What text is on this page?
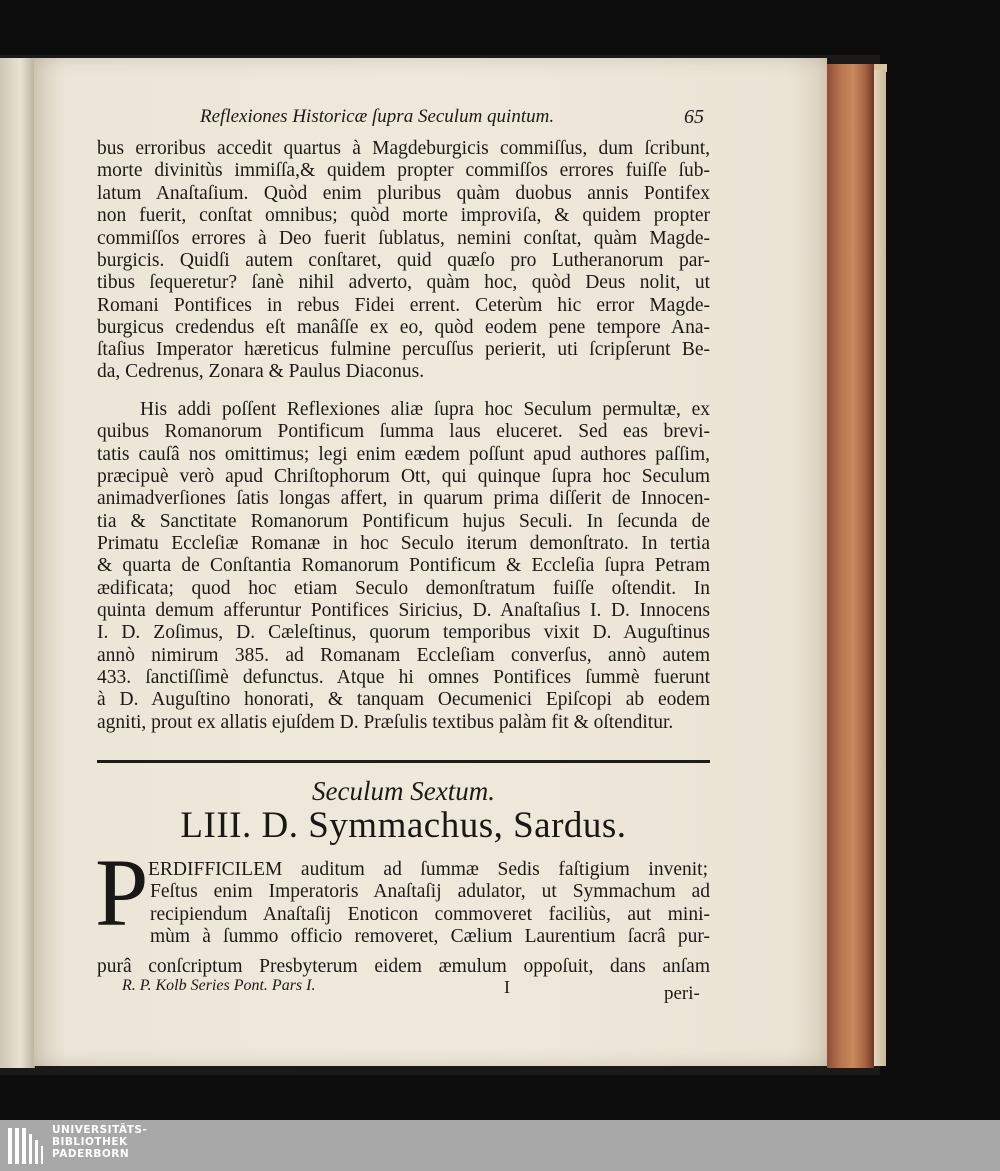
Reflexiones Historicæ ſupra Seculum quintum.	65
bus erroribus accedit quartus à Magdeburgicis commiſſus, dum ſcribunt,
morte divinitùs immiſſa,& quidem propter commiſſos errores fuiſſe ſub-
latum Anaſtaſium. Quòd enim pluribus quàm duobus annis Pontifex
non fuerit, conſtat omnibus; quòd morte improviſa, & quidem propter
commiſſos errores à Deo fuerit ſublatus, nemini conſtat, quàm Magde-
burgicis. Quidſi autem conſtaret, quid quæſo pro Lutheranorum par-
tibus ſequeretur? ſanè nihil adverto, quàm hoc, quòd Deus nolit, ut
Romani Pontifices in rebus Fidei errent. Ceterùm hic error Magde-
burgicus credendus eſt manâſſe ex eo, quòd eodem pene tempore Ana-
ſtaſius Imperator hæreticus fulmine percuſſus perierit, uti ſcripſerunt Be-
da, Cedrenus, Zonara & Paulus Diaconus.
His addi poſſent Reflexiones aliæ ſupra hoc Seculum permultæ, ex
quibus Romanorum Pontificum ſumma laus eluceret. Sed eas brevi-
tatis cauſâ nos omittimus; legi enim eædem poſſunt apud authores paſſim,
præcipuè verò apud Chriſtophorum Ott, qui quinque ſupra hoc Seculum
animadverſiones ſatis longas affert, in quarum prima diſſerit de Innocen-
tia & Sanctitate Romanorum Pontificum hujus Seculi. In ſecunda de
Primatu Eccleſiæ Romanæ in hoc Seculo iterum demonſtrato. In tertia
& quarta de Conſtantia Romanorum Pontificum & Eccleſia ſupra Petram
ædificata; quod hoc etiam Seculo demonſtratum fuiſſe oſtendit. In
quinta demum afferuntur Pontifices Siricius, D. Anaſtaſius I. D. Innocens
I. D. Zoſimus, D. Cæleſtinus, quorum temporibus vixit D. Auguſtinus
annò nimirum 385. ad Romanam Eccleſiam converſus, annò autem
433. ſanctiſſimè defunctus. Atque hi omnes Pontifices ſummè fuerunt
à D. Auguſtino honorati, & tanquam Oecumenici Epiſcopi ab eodem
agniti, prout ex allatis ejuſdem D. Præſulis textibus palàm fit & oſtenditur.
Seculum Sextum.
LIII. D. Symmachus, Sardus.
P ERDIFFICILEM auditum ad ſummæ Sedis faſtigium invenit;
Feſtus enim Imperatoris Anaſtaſij adulator, ut Symmachum ad
recipiendum Anaſtaſij Enoticon commoveret faciliùs, aut mini-
mùm à ſummo officio removeret, Cælium Laurentium ſacrâ pur-
purâ conſcriptum Presbyterum eidem æmulum oppoſuit, dans anſam
R. P. Kolb Series Pont. Pars I.	I	peri-
UNIVERSITÄTS-
BIBLIOTHEK
PADERBORN
